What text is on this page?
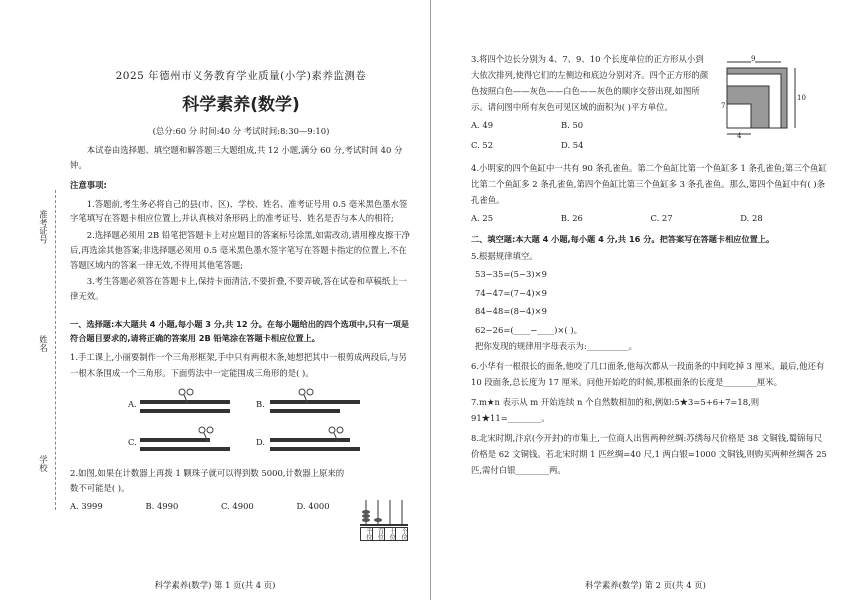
准考证号
姓名
学校
2025 年德州市义务教育学业质量(小学)素养监测卷
科学素养(数学)
(总分:60 分 时间:40 分 考试时间:8:30—9:10)

本试卷由选择题、填空题和解答题三大题组成,共 12 小题,满分 60 分,考试时间 40 分钟。

注意事项:

1.答题前,考生务必将自己的县(市、区)、学校、姓名、准考证号用 0.5 毫米黑色墨水签字笔填写在答题卡相应位置上,并认真核对条形码上的准考证号、姓名是否与本人的相符;

2.选择题必须用 2B 铅笔把答题卡上对应题目的答案标号涂黑,如需改动,请用橡皮擦干净后,再选涂其他答案;非选择题必须用 0.5 毫米黑色墨水签字笔写在答题卡指定的位置上,不在答题区域内的答案一律无效,不得用其他笔答题;

3.考生答题必须答在答题卡上,保持卡面清洁,不要折叠,不要弄破,答在试卷和草稿纸上一律无效。

一、选择题:本大题共 4 小题,每小题 3 分,共 12 分。在每小题给出的四个选项中,只有一项是符合题目要求的,请将正确的答案用 2B 铅笔涂在答题卡相应位置上。
1.手工课上,小丽要制作一个三角形框架,手中只有两根木条,她想把其中一根剪成两段后,与另一根木条围成一个三角形。下面剪法中一定能围成三角形的是( )。
A.	B.
C.	D.
2.如图,如果在计数器上再拨 1 颗珠子就可以得到数 5000,计数器上原来的数不可能是( )。
A. 3999	B. 4990	C. 4900	D. 4000
千位 百位 十位 个位
科学素养(数学) 第 1 页(共 4 页)
3.将四个边长分别为 4、7、9、10 个长度单位的正方形从小到大依次排列,使得它们的左侧边和底边分别对齐。四个正方形的颜色按照白色——灰色——白色——灰色的顺序交替出现,如图所示。请问图中所有灰色可见区域的面积为( )平方单位。
A. 49	B. 50
C. 52	D. 54
4.小明家的四个鱼缸中一共有 90 条孔雀鱼。第二个鱼缸比第一个鱼缸多 1 条孔雀鱼;第三个鱼缸比第二个鱼缸多 2 条孔雀鱼,第四个鱼缸比第三个鱼缸多 3 条孔雀鱼。那么,第四个鱼缸中有( )条孔雀鱼。
A. 25	B. 26	C. 27	D. 28
二、填空题:本大题 4 小题,每小题 4 分,共 16 分。把答案写在答题卡相应位置上。
5.根据规律填空。
53−35=(5−3)×9
74−47=(7−4)×9
84−48=(8−4)×9
62−26=(____−____)×( )。
把你发现的规律用字母表示为:__________。
6.小华有一根很长的面条,他咬了几口面条,他每次都从一段面条的中间吃掉 3 厘米。最后,他还有 10 段面条,总长度为 17 厘米。问他开始吃的时候,那根面条的长度是________厘米。
7.m★n 表示从 m 开始连续 n 个自然数相加的和,例如:5★3=5+6+7=18,则 91★11=________。
8.北宋时期,汴京(今开封)的市集上,一位商人出售两种丝绸:苏绣每尺价格是 38 文铜钱,蜀锦每尺价格是 62 文铜钱。若北宋时期 1 匹丝绸=40 尺,1 两白银=1000 文铜钱,则购买两种丝绸各 25 匹,需付白银________两。
9
10
7
4
科学素养(数学) 第 2 页(共 4 页)
